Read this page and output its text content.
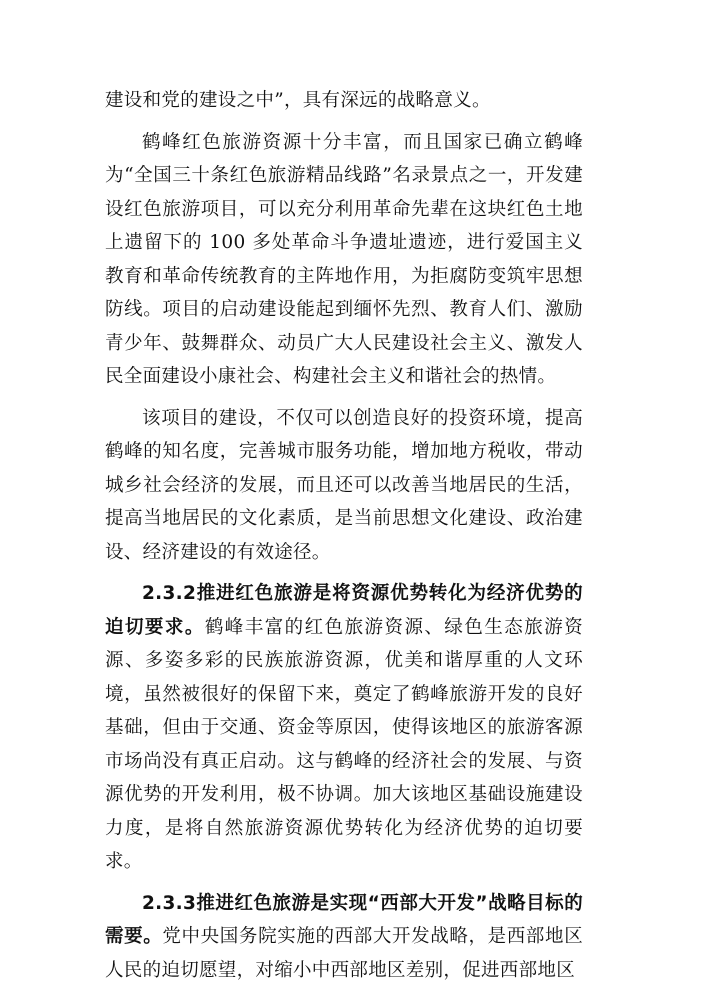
建设和党的建设之中”，具有深远的战略意义。

鹤峰红色旅游资源十分丰富，而且国家已确立鹤峰为“全国三十条红色旅游精品线路”名录景点之一，开发建设红色旅游项目，可以充分利用革命先辈在这块红色土地上遗留下的 100 多处革命斗争遗址遗迹，进行爱国主义教育和革命传统教育的主阵地作用，为拒腐防变筑牢思想防线。项目的启动建设能起到缅怀先烈、教育人们、激励青少年、鼓舞群众、动员广大人民建设社会主义、激发人民全面建设小康社会、构建社会主义和谐社会的热情。

该项目的建设，不仅可以创造良好的投资环境，提高鹤峰的知名度，完善城市服务功能，增加地方税收，带动城乡社会经济的发展，而且还可以改善当地居民的生活，提高当地居民的文化素质，是当前思想文化建设、政治建设、经济建设的有效途径。

2.3.2推进红色旅游是将资源优势转化为经济优势的迫切要求。鹤峰丰富的红色旅游资源、绿色生态旅游资源、多姿多彩的民族旅游资源，优美和谐厚重的人文环境，虽然被很好的保留下来，奠定了鹤峰旅游开发的良好基础，但由于交通、资金等原因，使得该地区的旅游客源市场尚没有真正启动。这与鹤峰的经济社会的发展、与资源优势的开发利用，极不协调。加大该地区基础设施建设力度，是将自然旅游资源优势转化为经济优势的迫切要求。

2.3.3推进红色旅游是实现“西部大开发”战略目标的需要。党中央国务院实施的西部大开发战略，是西部地区人民的迫切愿望，对缩小中西部地区差别，促进西部地区
